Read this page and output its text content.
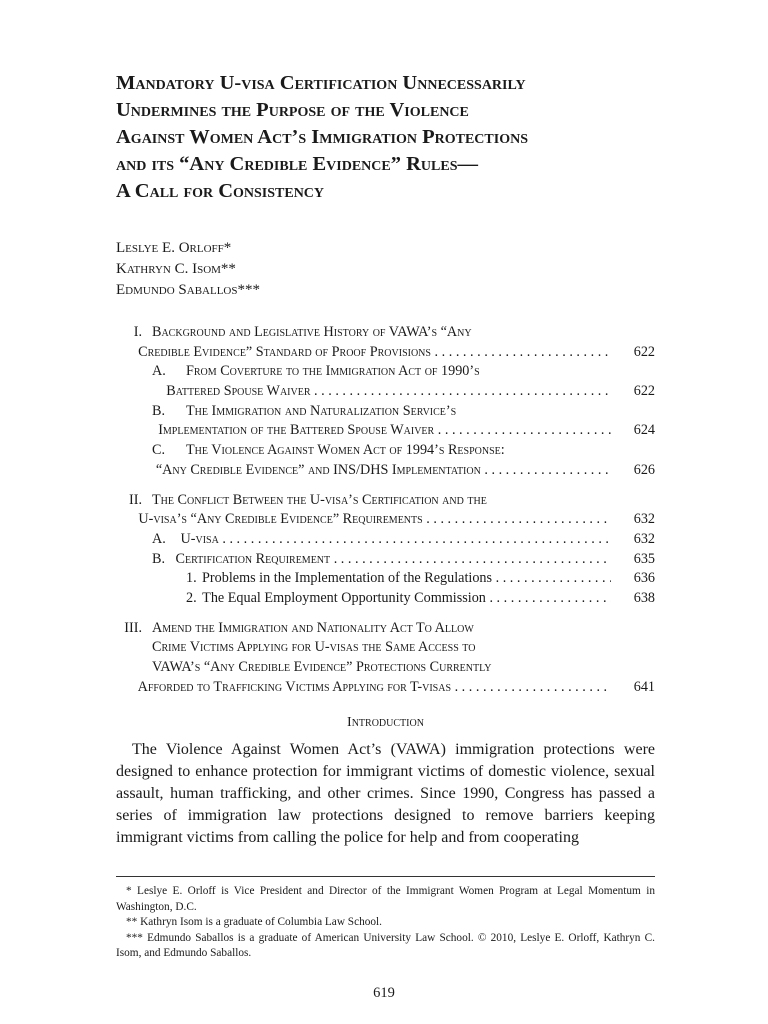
Mandatory U-visa Certification Unnecessarily
Undermines the Purpose of the Violence
Against Women Act’s Immigration Protections
and its “Any Credible Evidence” Rules—
A Call for Consistency
Leslye E. Orloff*
Kathryn C. Isom**
Edmundo Saballos***
I. Background and Legislative History of VAWA’s “Any
Credible Evidence” Standard of Proof Provisions . . .	622
A.	From Coverture to the Immigration Act of 1990’s
Battered Spouse Waiver . . .	622
B.	The Immigration and Naturalization Service’s
Implementation of the Battered Spouse Waiver . . .	624
C.	The Violence Against Women Act of 1994’s Response:
“Any Credible Evidence” and INS/DHS Implementation . . .	626
II. The Conflict Between the U-visa’s Certification and the
U-visa’s “Any Credible Evidence” Requirements . . .	632
A.	U-visa . . .	632
B. Certification Requirement . . .	635
1. Problems in the Implementation of the Regulations . . .	636
2. The Equal Employment Opportunity Commission . . .	638
III. Amend the Immigration and Nationality Act To Allow
Crime Victims Applying for U-visas the Same Access to
VAWA’s “Any Credible Evidence” Protections Currently
Afforded to Trafficking Victims Applying for T-visas . . .	641
Introduction

The Violence Against Women Act’s (VAWA) immigration protections were designed to enhance protection for immigrant victims of domestic violence, sexual assault, human trafficking, and other crimes. Since 1990, Congress has passed a series of immigration law protections designed to remove barriers keeping immigrant victims from calling the police for help and from cooperating

* Leslye E. Orloff is Vice President and Director of the Immigrant Women Program at Legal Momentum in Washington, D.C.

** Kathryn Isom is a graduate of Columbia Law School.

*** Edmundo Saballos is a graduate of American University Law School. © 2010, Leslye E. Orloff, Kathryn C. Isom, and Edmundo Saballos.

619
